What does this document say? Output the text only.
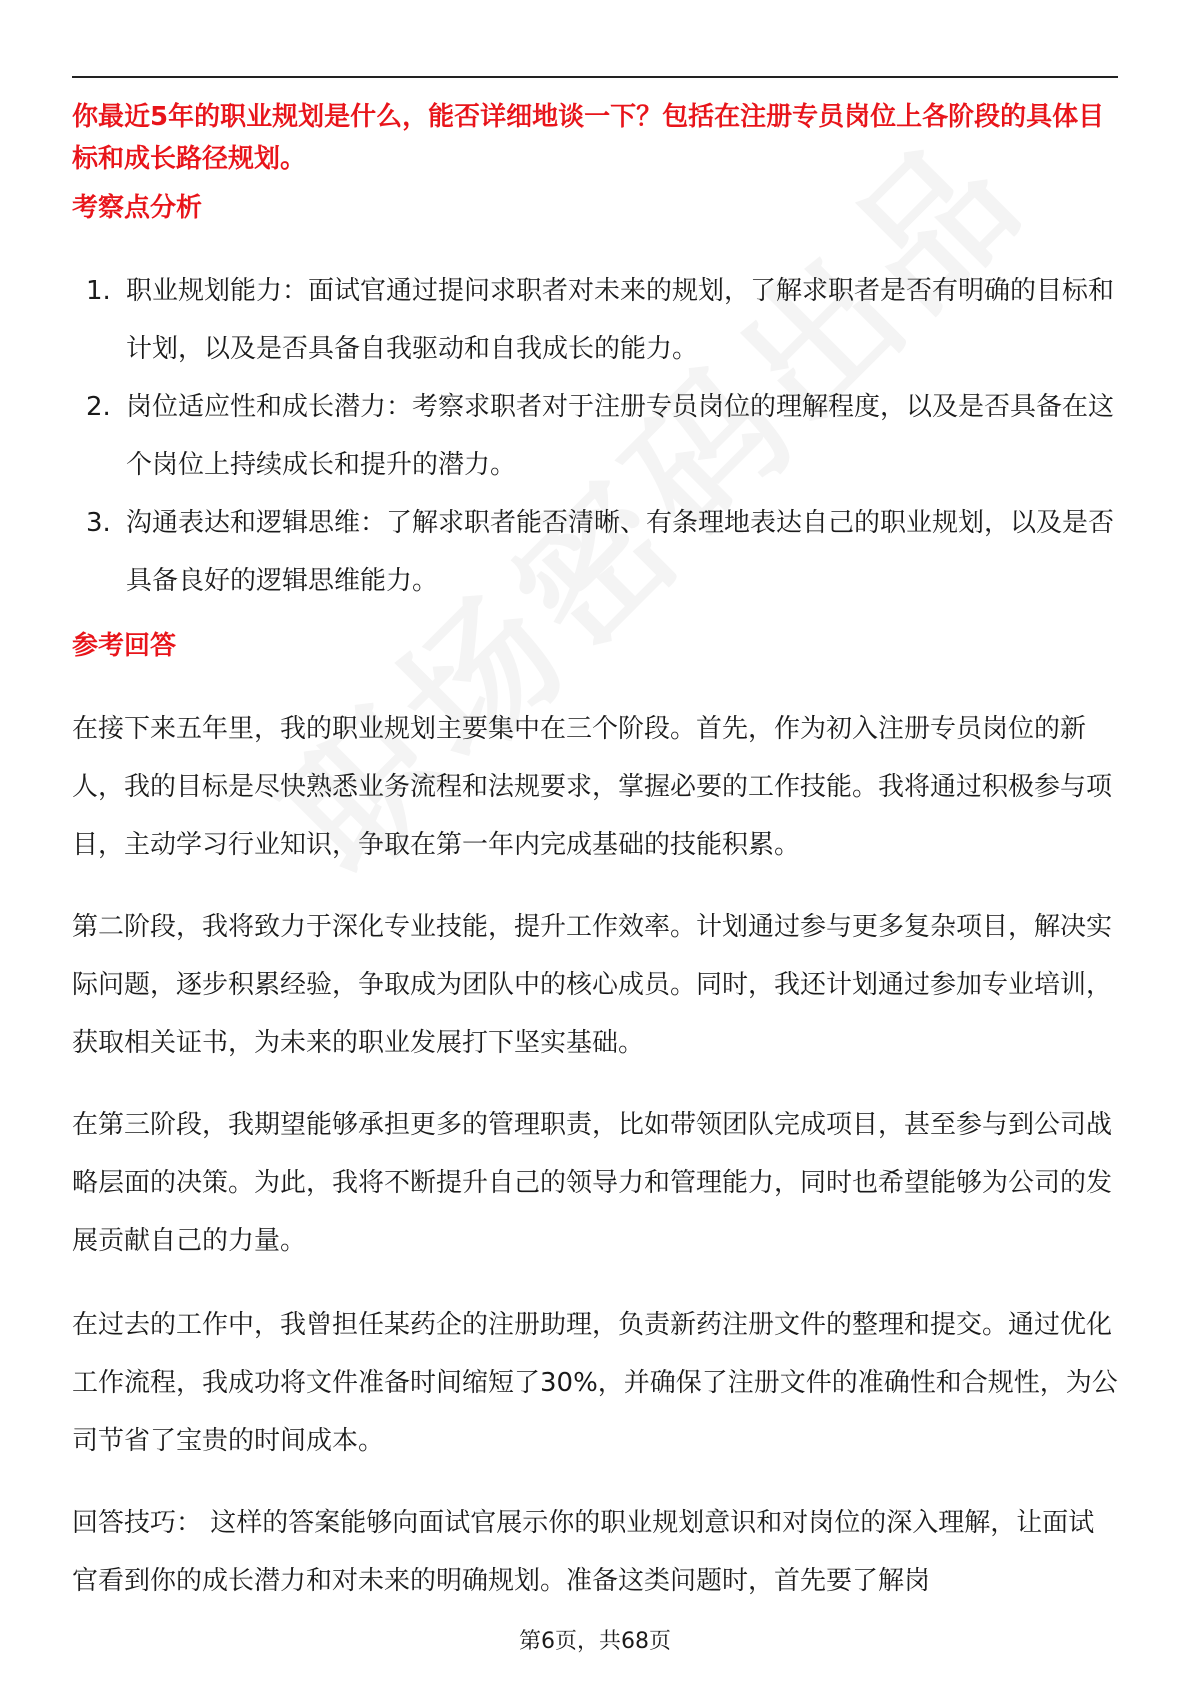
你最近5年的职业规划是什么，能否详细地谈一下？包括在注册专员岗位上各阶段的具体目标和成长路径规划。

考察点分析
1. 职业规划能力：面试官通过提问求职者对未来的规划，了解求职者是否有明确的目标和计划，以及是否具备自我驱动和自我成长的能力。
2. 岗位适应性和成长潜力：考察求职者对于注册专员岗位的理解程度，以及是否具备在这个岗位上持续成长和提升的潜力。
3. 沟通表达和逻辑思维：了解求职者能否清晰、有条理地表达自己的职业规划，以及是否具备良好的逻辑思维能力。
参考回答

在接下来五年里，我的职业规划主要集中在三个阶段。首先，作为初入注册专员岗位的新人，我的目标是尽快熟悉业务流程和法规要求，掌握必要的工作技能。我将通过积极参与项目，主动学习行业知识，争取在第一年内完成基础的技能积累。

第二阶段，我将致力于深化专业技能，提升工作效率。计划通过参与更多复杂项目，解决实际问题，逐步积累经验，争取成为团队中的核心成员。同时，我还计划通过参加专业培训，获取相关证书，为未来的职业发展打下坚实基础。

在第三阶段，我期望能够承担更多的管理职责，比如带领团队完成项目，甚至参与到公司战略层面的决策。为此，我将不断提升自己的领导力和管理能力，同时也希望能够为公司的发展贡献自己的力量。

在过去的工作中，我曾担任某药企的注册助理，负责新药注册文件的整理和提交。通过优化工作流程，我成功将文件准备时间缩短了30%，并确保了注册文件的准确性和合规性，为公司节省了宝贵的时间成本。

回答技巧： 这样的答案能够向面试官展示你的职业规划意识和对岗位的深入理解，让面试官看到你的成长潜力和对未来的明确规划。准备这类问题时，首先要了解岗

第6页，共68页
